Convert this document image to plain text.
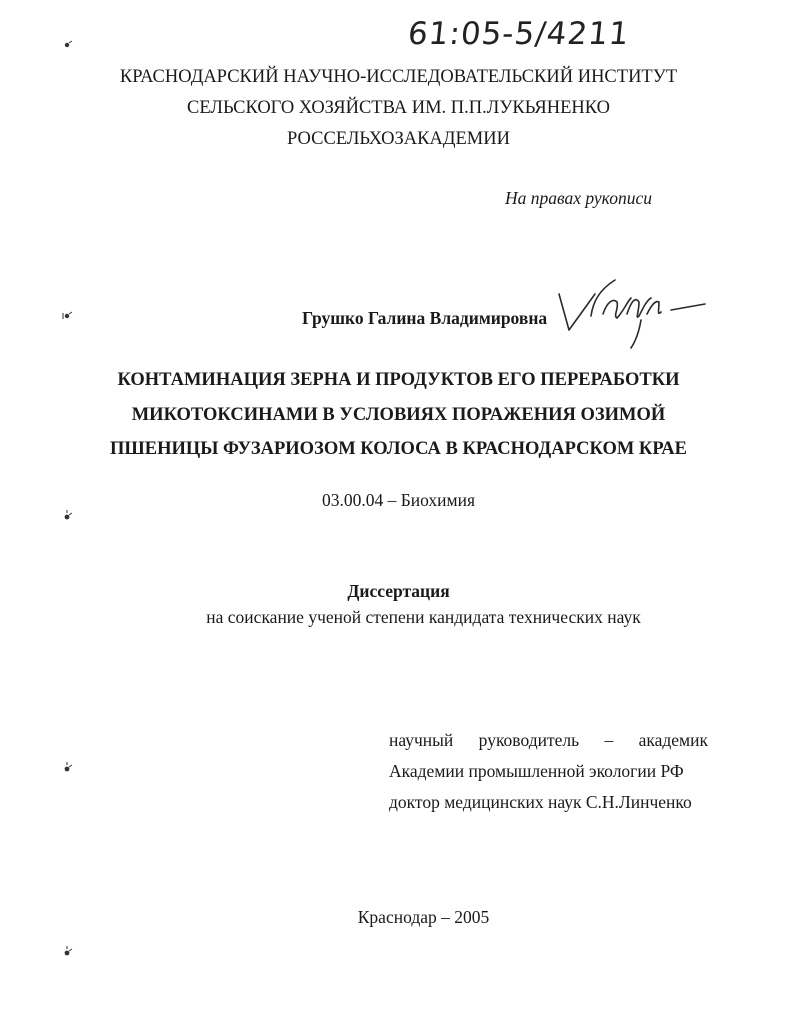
61:05-5/4211
КРАСНОДАРСКИЙ НАУЧНО-ИССЛЕДОВАТЕЛЬСКИЙ ИНСТИТУТ
СЕЛЬСКОГО ХОЗЯЙСТВА ИМ. П.П.ЛУКЬЯНЕНКО
РОССЕЛЬХОЗАКАДЕМИИ
На правах рукописи
Грушко Галина Владимировна
КОНТАМИНАЦИЯ ЗЕРНА И ПРОДУКТОВ ЕГО ПЕРЕРАБОТКИ
МИКОТОКСИНАМИ В УСЛОВИЯХ ПОРАЖЕНИЯ ОЗИМОЙ
ПШЕНИЦЫ ФУЗАРИОЗОМ КОЛОСА В КРАСНОДАРСКОМ КРАЕ
03.00.04 – Биохимия
Диссертация
на соискание ученой степени кандидата технических наук
научный руководитель – академик
Академии промышленной экологии РФ
доктор медицинских наук С.Н.Линченко
Краснодар – 2005
